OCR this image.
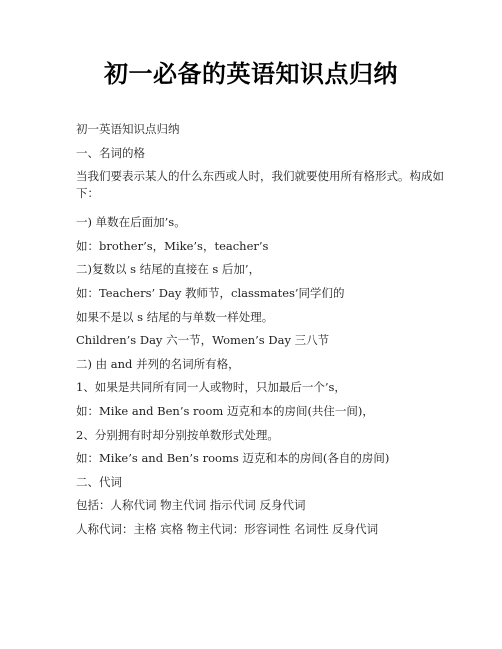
初一必备的英语知识点归纳
初一英语知识点归纳
一、名词的格
当我们要表示某人的什么东西或人时，我们就要使用所有格形式。构成如下：
一) 单数在后面加’s。
如：brother’s，Mike’s，teacher’s
二)复数以 s 结尾的直接在 s 后加’，
如：Teachers’ Day 教师节，classmates’同学们的
如果不是以 s 结尾的与单数一样处理。
Children’s Day 六一节，Women’s Day 三八节
二) 由 and 并列的名词所有格，
1、如果是共同所有同一人或物时，只加最后一个’s，
如：Mike and Ben’s room 迈克和本的房间(共住一间)，
2、分别拥有时却分别按单数形式处理。
如：Mike’s and Ben’s rooms 迈克和本的房间(各自的房间)
二、代词
包括：人称代词 物主代词 指示代词 反身代词
人称代词：主格 宾格 物主代词：形容词性 名词性 反身代词
